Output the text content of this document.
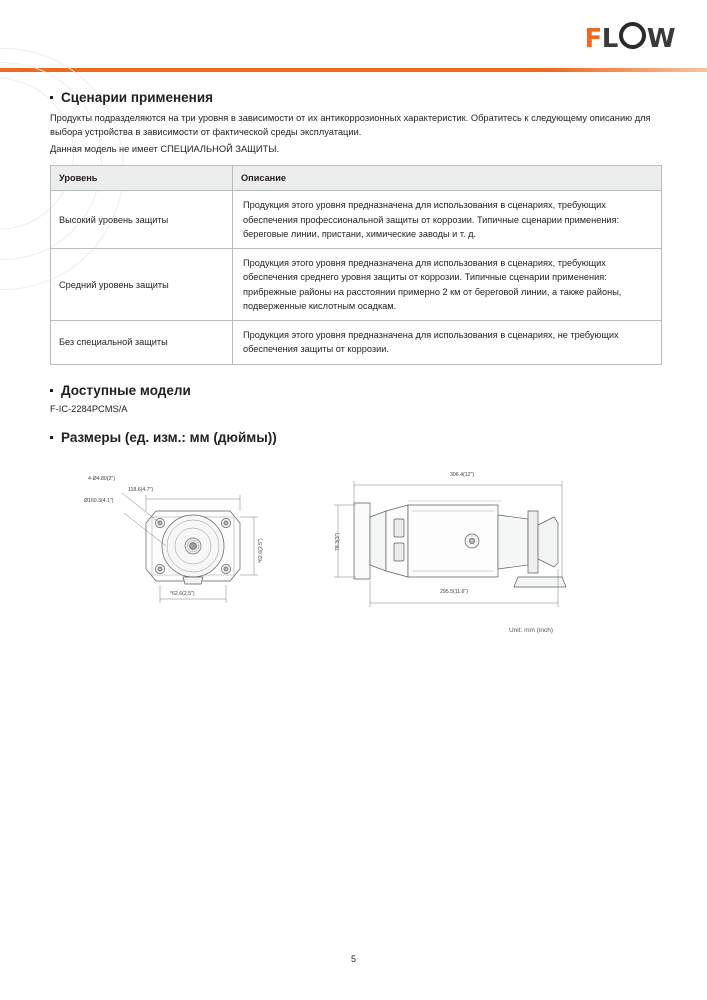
FL W
Сценарии применения

Продукты подразделяются на три уровня в зависимости от их антикоррозионных характеристик. Обратитесь к следующему описанию для выбора устройства в зависимости от фактической среды эксплуатации.

Данная модель не имеет СПЕЦИАЛЬНОЙ ЗАЩИТЫ.

Уровень	Описание
Высокий уровень защиты	Продукция этого уровня предназначена для использования в сценариях, требующих обеспечения профессиональной защиты от коррозии. Типичные сценарии применения: береговые линии, пристани, химические заводы и т. д.
Средний уровень защиты	Продукция этого уровня предназначена для использования в сценариях, требующих обеспечения среднего уровня защиты от коррозии. Типичные сценарии применения: прибрежные районы на расстоянии примерно 2 км от береговой линии, а также районы, подверженные кислотным осадкам.
Без специальной защиты	Продукция этого уровня предназначена для использования в сценариях, не требующих обеспечения защиты от коррозии.
Доступные модели
F-IC-2284PCMS/A
Размеры (ед. изм.: мм (дюймы))
4-Ø4.80(2")
Ø160.3(4.1")
118.6(4.7")
*62.6(2.5")
*62.6(2.5")
306.4(12")
78.3(3")
295.5(11.6")
Unit: mm (inch)
5
